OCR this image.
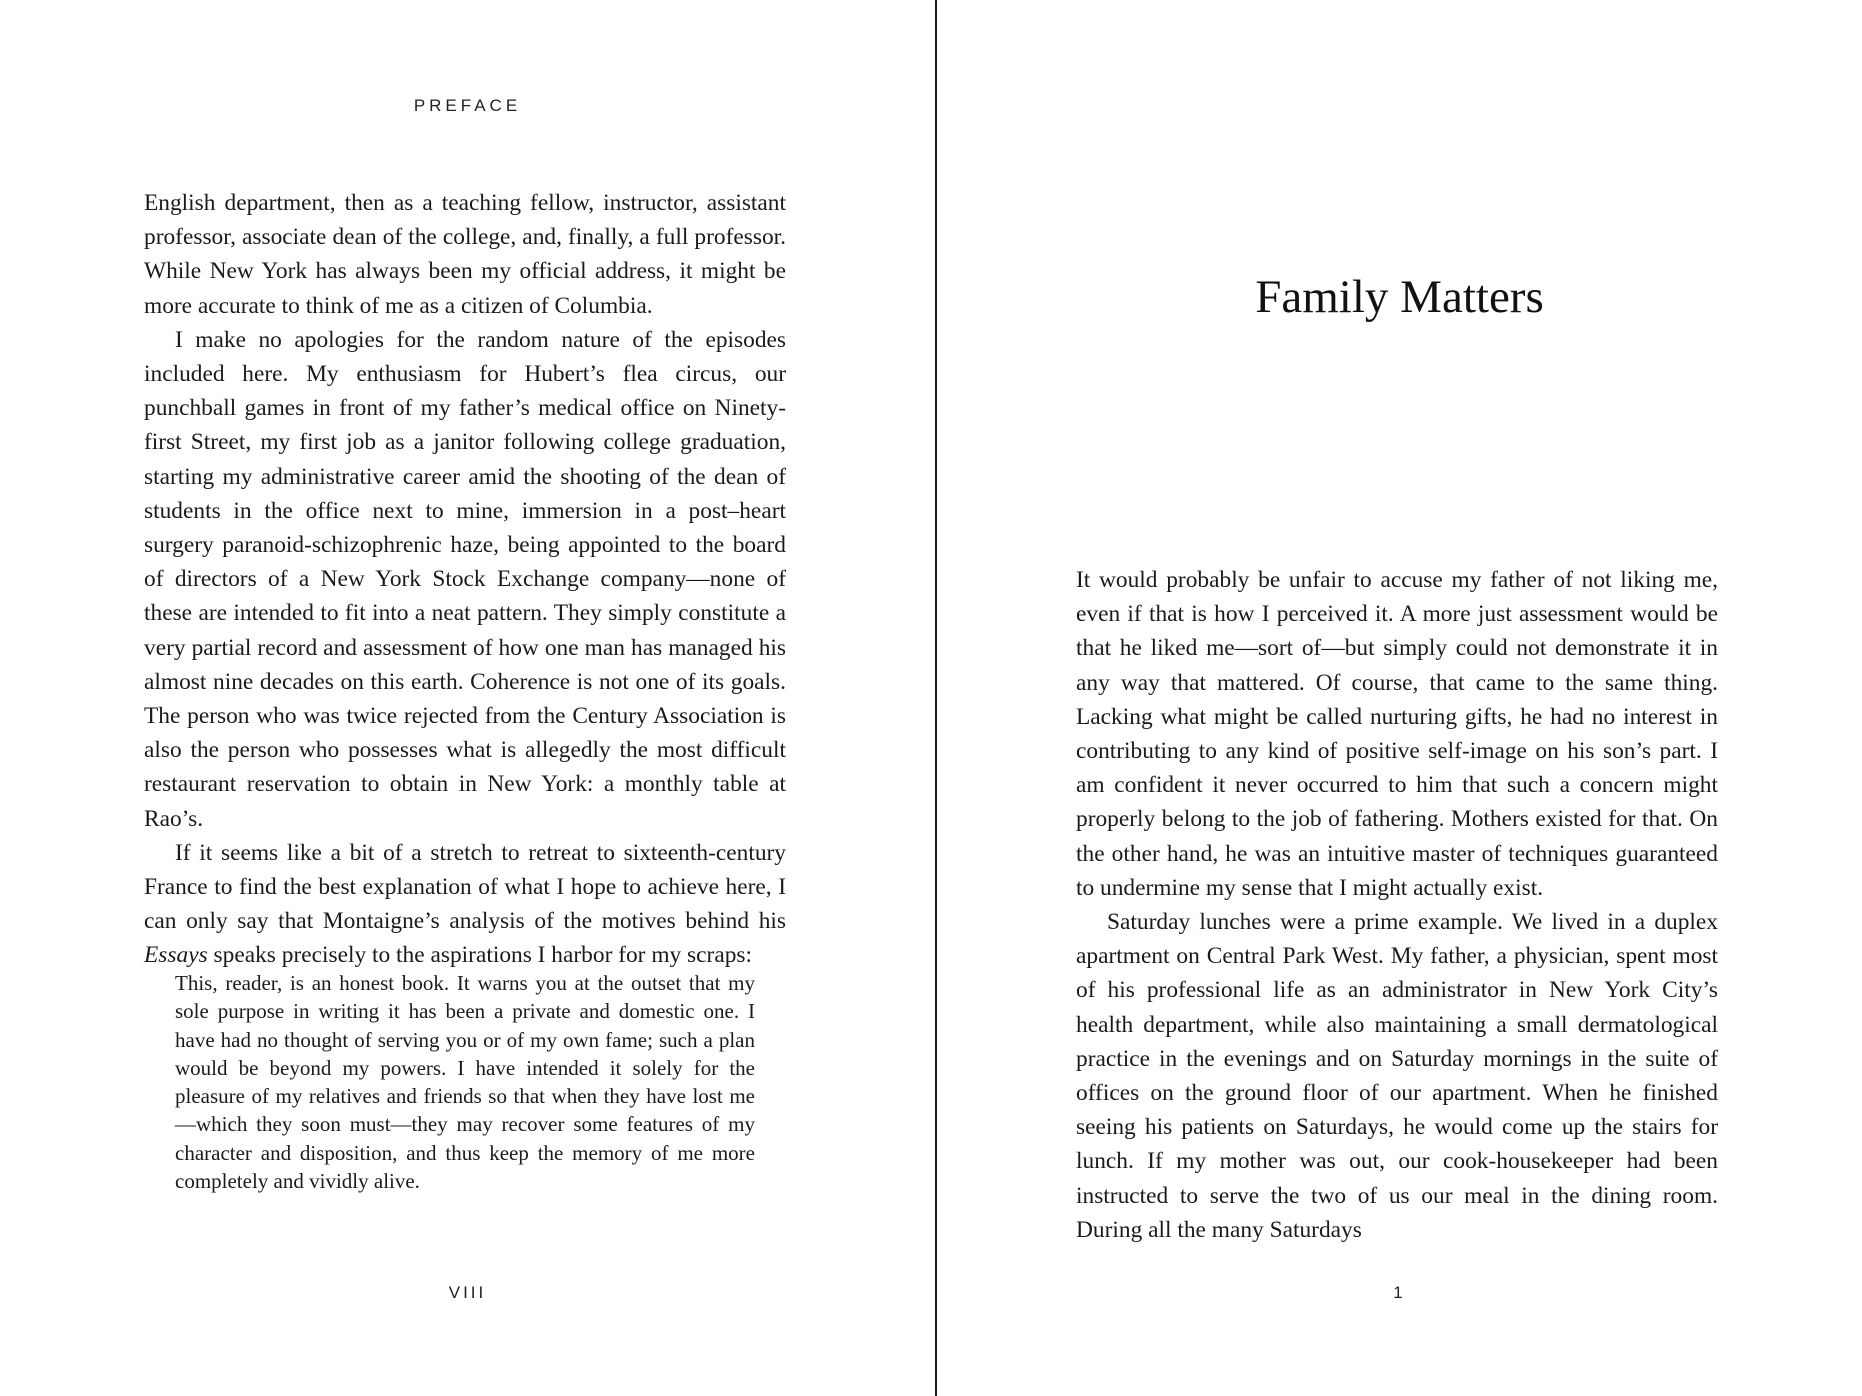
PREFACE

English department, then as a teaching fellow, instructor, assistant professor, associate dean of the college, and, finally, a full professor. While New York has always been my official address, it might be more accurate to think of me as a citizen of Columbia.

I make no apologies for the random nature of the episodes included here. My enthusiasm for Hubert’s flea circus, our punchball games in front of my father’s medical office on Ninety-first Street, my first job as a janitor following college graduation, starting my administrative career amid the shooting of the dean of students in the office next to mine, immersion in a post–heart surgery paranoid-schizophrenic haze, being appointed to the board of directors of a New York Stock Exchange company—none of these are intended to fit into a neat pattern. They simply constitute a very partial record and assessment of how one man has managed his almost nine decades on this earth. Coherence is not one of its goals. The person who was twice rejected from the Century Association is also the person who possesses what is allegedly the most difficult restaurant reservation to obtain in New York: a monthly table at Rao’s.

If it seems like a bit of a stretch to retreat to sixteenth-century France to find the best explanation of what I hope to achieve here, I can only say that Montaigne’s analysis of the motives behind his Essays speaks precisely to the aspirations I harbor for my scraps:

This, reader, is an honest book. It warns you at the outset that my sole purpose in writing it has been a private and domestic one. I have had no thought of serving you or of my own fame; such a plan would be beyond my powers. I have intended it solely for the pleasure of my relatives and friends so that when they have lost me—which they soon must—they may recover some features of my character and disposition, and thus keep the memory of me more completely and vividly alive.
VIII
Family Matters

It would probably be unfair to accuse my father of not liking me, even if that is how I perceived it. A more just assessment would be that he liked me—sort of—but simply could not demonstrate it in any way that mattered. Of course, that came to the same thing. Lacking what might be called nurturing gifts, he had no interest in contributing to any kind of positive self-image on his son’s part. I am confident it never occurred to him that such a concern might properly belong to the job of fathering. Mothers existed for that. On the other hand, he was an intuitive master of techniques guaranteed to undermine my sense that I might actually exist.

Saturday lunches were a prime example. We lived in a duplex apartment on Central Park West. My father, a physician, spent most of his professional life as an administrator in New York City’s health department, while also maintaining a small dermatological practice in the evenings and on Saturday mornings in the suite of offices on the ground floor of our apartment. When he finished seeing his patients on Saturdays, he would come up the stairs for lunch. If my mother was out, our cook-housekeeper had been instructed to serve the two of us our meal in the dining room. During all the many Saturdays

1
